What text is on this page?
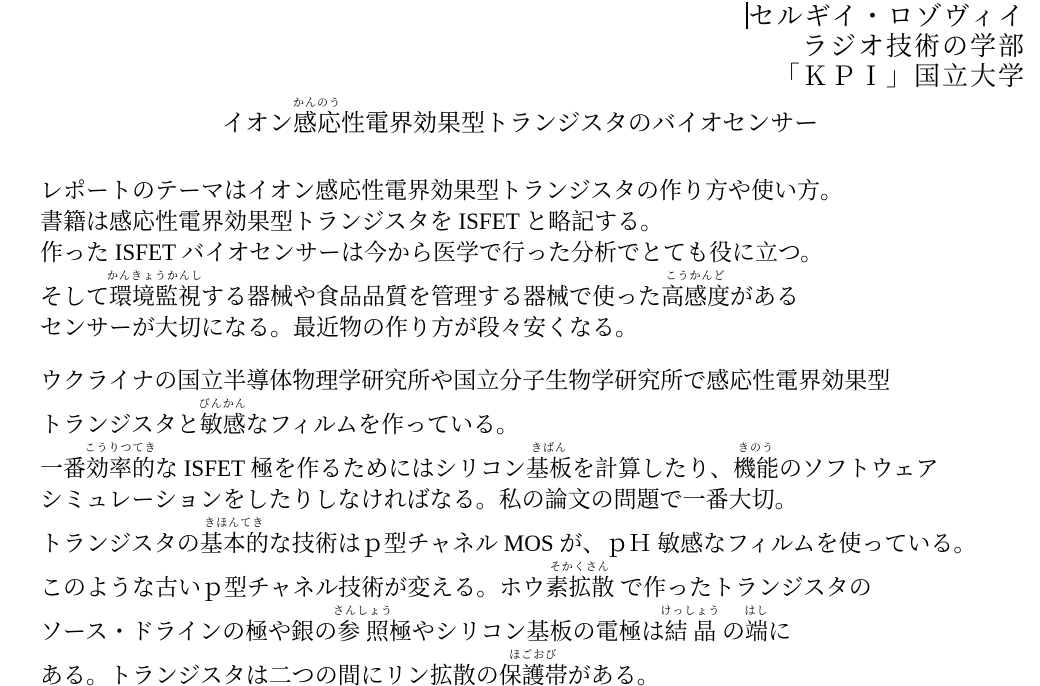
セルギイ・ロゾヴィイ
ラジオ技術の学部
「ＫＰＩ」国立大学
イオン
かんのう
感応性電界効果型トランジスタのバイオセンサー
レポートのテーマはイオン感応性電界効果型トランジスタの作り方や使い方。
書籍は感応性電界効果型トランジスタを ISFET と略記する。
作った ISFET バイオセンサーは今から医学で行った分析でとても役に立つ。
そして
かんきょうかんし
環境監視する器械や食品品質を管理する器械で使った
こうかんど
高感度がある
センサーが大切になる。最近物の作り方が段々安くなる。
ウクライナの国立半導体物理学研究所や国立分子生物学研究所で感応性電界効果型
トランジスタと
びんかん
敏感なフィルムを作っている。
一番
こうりつてき
効率的な ISFET 極を作るためにはシリコン
きばん
基板を計算したり、
きのう
機能のソフトウェア
シミュレーションをしたりしなければなる。私の論文の問題で一番大切。
トランジスタの
きほんてき
基本的な技術はｐ型チャネル MOS が、ｐＨ 敏感なフィルムを使っている。
このような古いｐ型チャネル技術が変える。ホウ
そかくさん
素拡散 で作ったトランジスタの
ソース・ドラインの極や銀の
さんしょう
参 照極やシリコン基板の電極は
けっしょう
結 晶 の
はし
端に
ある。トランジスタは二つの間にリン拡散の
ほごおび
保護帯がある。
